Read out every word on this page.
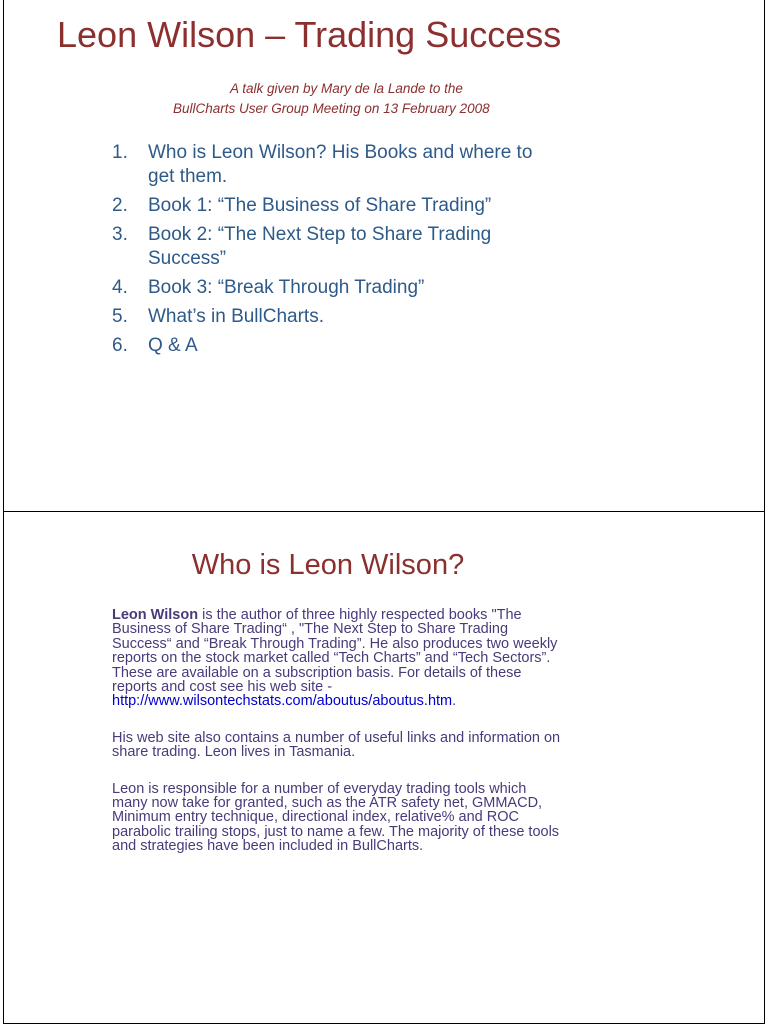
Leon Wilson – Trading Success
A talk given by Mary de la Lande to the
BullCharts User Group Meeting on 13 February 2008
1.	Who is Leon Wilson? His Books and where to get them.
2.	Book 1: “The Business of Share Trading”
3.	Book 2: “The Next Step to Share Trading Success”
4.	Book 3: “Break Through Trading”
5.	What’s in BullCharts.
6.	Q & A
Who is Leon Wilson?

Leon Wilson is the author of three highly respected books "The Business of Share Trading“ , "The Next Step to Share Trading Success“ and “Break Through Trading”. He also produces two weekly reports on the stock market called “Tech Charts” and “Tech Sectors”. These are available on a subscription basis. For details of these reports and cost see his web site - http://www.wilsontechstats.com/aboutus/aboutus.htm.

His web site also contains a number of useful links and information on share trading. Leon lives in Tasmania.

Leon is responsible for a number of everyday trading tools which many now take for granted, such as the ATR safety net, GMMACD, Minimum entry technique, directional index, relative% and ROC parabolic trailing stops, just to name a few. The majority of these tools and strategies have been included in BullCharts.
